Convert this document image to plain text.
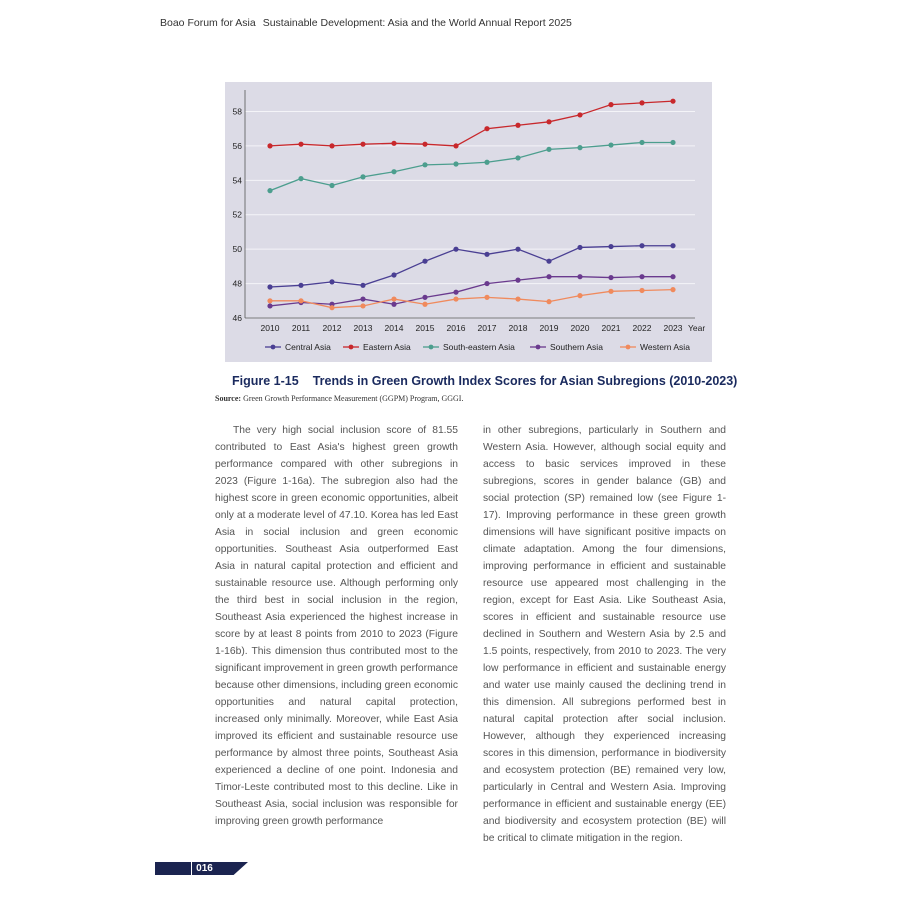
Boao Forum for Asia Sustainable Development: Asia and the World Annual Report 2025
46
48
50
52
54
56
58
2010 2011 2012 2013 2014 2015 2016 2017 2018 2019 2020 2021 2022 2023 Year
Central Asia	Eastern Asia	South-eastern Asia	Southern Asia	Western Asia
Figure 1-15 Trends in Green Growth Index Scores for Asian Subregions (2010-2023)
Source: Green Growth Performance Measurement (GGPM) Program, GGGI.
The very high social inclusion score of 81.55 contributed to East Asia's highest green growth performance compared with other subregions in 2023 (Figure 1-16a). The subregion also had the highest score in green economic opportunities, albeit only at a moderate level of 47.10. Korea has led East Asia in social inclusion and green economic opportunities. Southeast Asia outperformed East Asia in natural capital protection and efficient and sustainable resource use. Although performing only the third best in social inclusion in the region, Southeast Asia experienced the highest increase in score by at least 8 points from 2010 to 2023 (Figure 1-16b). This dimension thus contributed most to the significant improvement in green growth performance because other dimensions, including green economic opportunities and natural capital protection, increased only minimally. Moreover, while East Asia improved its efficient and sustainable resource use performance by almost three points, Southeast Asia experienced a decline of one point. Indonesia and Timor-Leste contributed most to this decline. Like in Southeast Asia, social inclusion was responsible for improving green growth performance
in other subregions, particularly in Southern and Western Asia. However, although social equity and access to basic services improved in these subregions, scores in gender balance (GB) and social protection (SP) remained low (see Figure 1-17). Improving performance in these green growth dimensions will have significant positive impacts on climate adaptation. Among the four dimensions, improving performance in efficient and sustainable resource use appeared most challenging in the region, except for East Asia. Like Southeast Asia, scores in efficient and sustainable resource use declined in Southern and Western Asia by 2.5 and 1.5 points, respectively, from 2010 to 2023. The very low performance in efficient and sustainable energy and water use mainly caused the declining trend in this dimension. All subregions performed best in natural capital protection after social inclusion. However, although they experienced increasing scores in this dimension, performance in biodiversity and ecosystem protection (BE) remained very low, particularly in Central and Western Asia. Improving performance in efficient and sustainable energy (EE) and biodiversity and ecosystem protection (BE) will be critical to climate mitigation in the region.
016
